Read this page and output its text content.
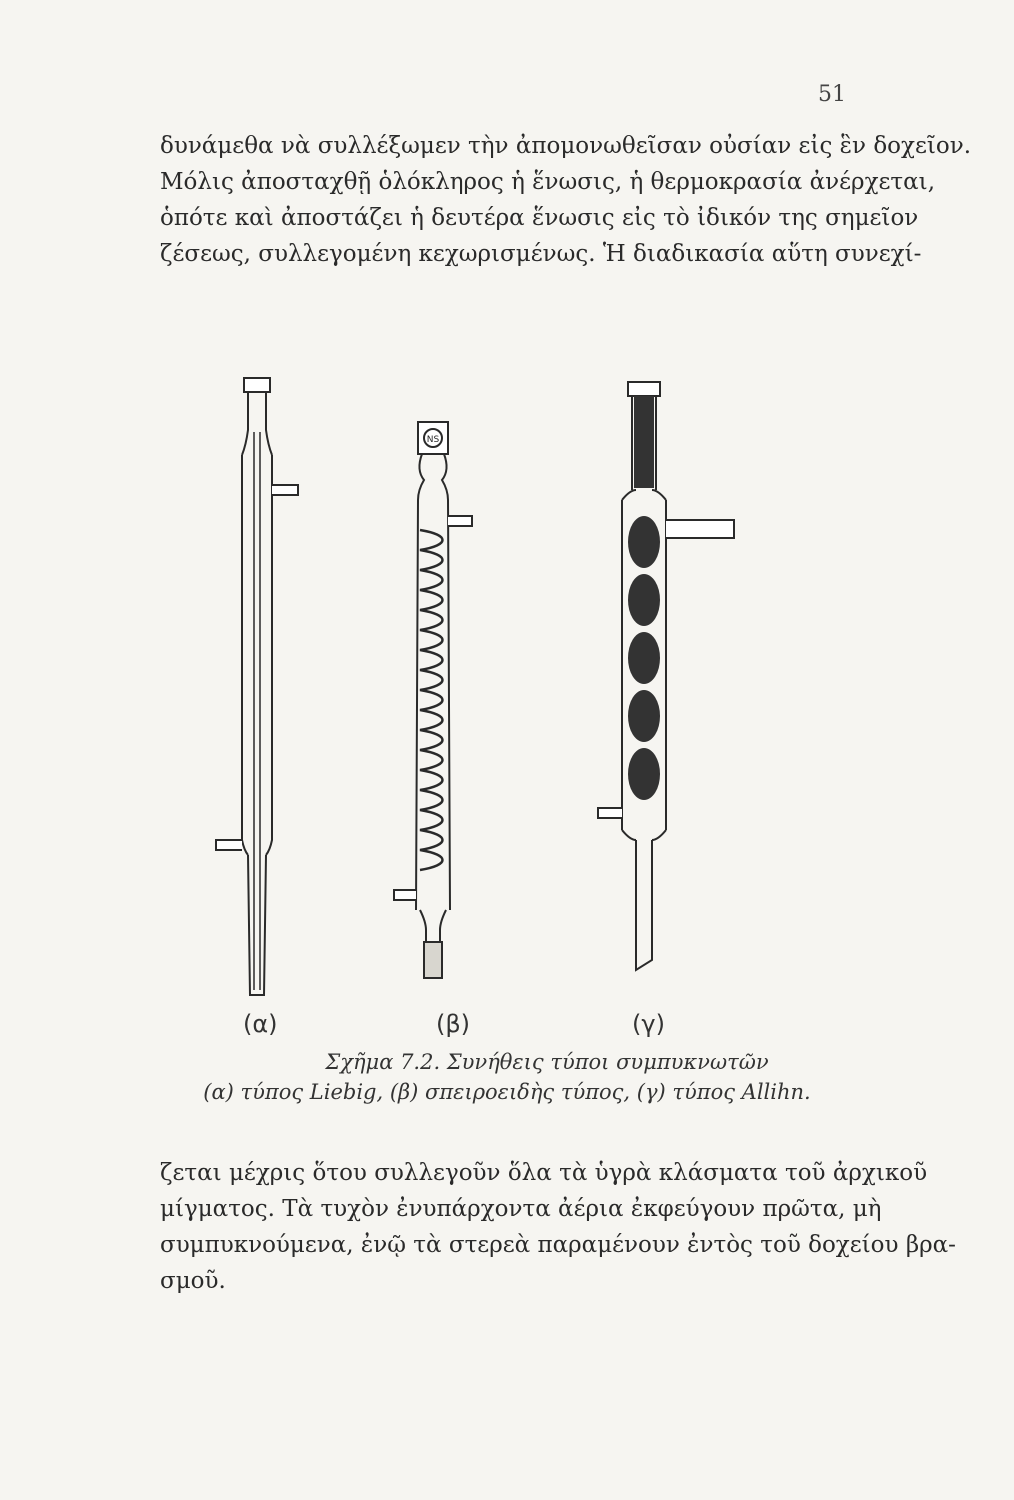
51

δυνάμεθα νὰ συλλέξωμεν τὴν ἀπομονωθεῖσαν οὐσίαν εἰς ἓν δοχεῖον.
Μόλις ἀποσταχθῇ ὁλόκληρος ἡ ἕνωσις, ἡ θερμοκρασία ἀνέρχεται,
ὁπότε καὶ ἀποστάζει ἡ δευτέρα ἕνωσις εἰς τὸ ἰδικόν της σημεῖον
ζέσεως, συλλεγομένη κεχωρισμένως. Ἡ διαδικασία αὕτη συνεχί-

NS
(α)	(β)	(γ)
Σχῆμα 7.2. Συνήθεις τύποι συμπυκνωτῶν
(α) τύπος Liebig, (β) σπειροειδὴς τύπος, (γ) τύπος Allihn.

ζεται μέχρις ὅτου συλλεγοῦν ὅλα τὰ ὑγρὰ κλάσματα τοῦ ἀρχικοῦ
μίγματος. Τὰ τυχὸν ἐνυπάρχοντα ἀέρια ἐκφεύγουν πρῶτα, μὴ
συμπυκνούμενα, ἐνῷ τὰ στερεὰ παραμένουν ἐντὸς τοῦ δοχείου βρα-
σμοῦ.
